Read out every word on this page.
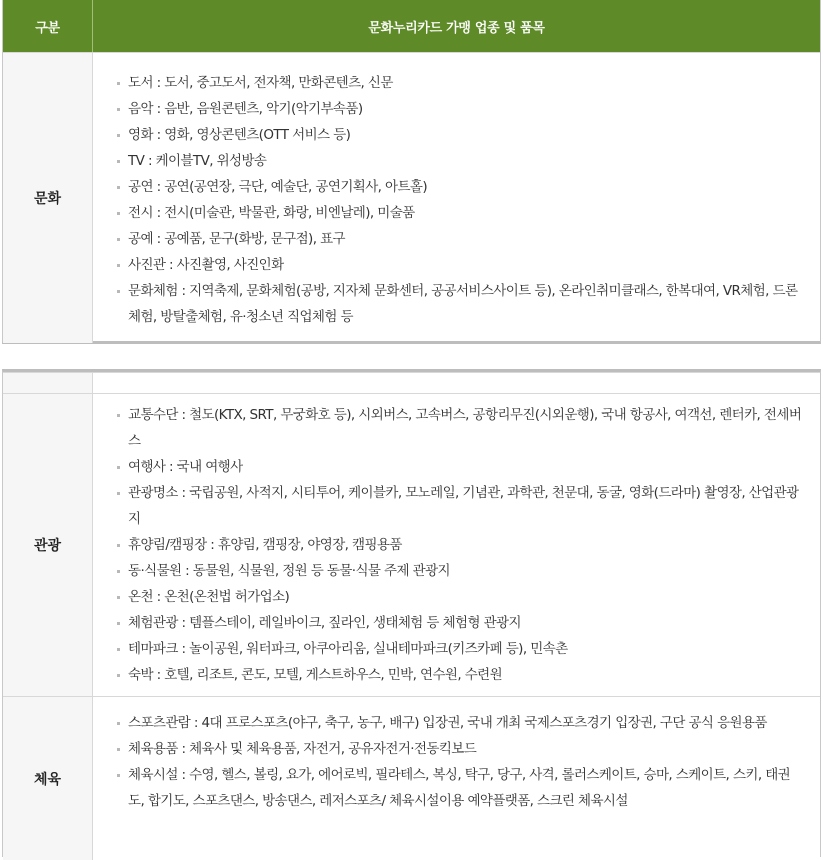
구분	문화누리카드 가맹 업종 및 품목
문화
도서 : 도서, 중고도서, 전자책, 만화콘텐츠, 신문
음악 : 음반, 음원콘텐츠, 악기(악기부속품)
영화 : 영화, 영상콘텐츠(OTT 서비스 등)
TV : 케이블TV, 위성방송
공연 : 공연(공연장, 극단, 예술단, 공연기획사, 아트홀)
전시 : 전시(미술관, 박물관, 화랑, 비엔날레), 미술품
공예 : 공예품, 문구(화방, 문구점), 표구
사진관 : 사진촬영, 사진인화
문화체험 : 지역축제, 문화체험(공방, 지자체 문화센터, 공공서비스사이트 등), 온라인취미클래스, 한복대여, VR체험, 드론체험, 방탈출체험, 유·청소년 직업체험 등
관광
교통수단 : 철도(KTX, SRT, 무궁화호 등), 시외버스, 고속버스, 공항리무진(시외운행), 국내 항공사, 여객선, 렌터카, 전세버스
여행사 : 국내 여행사
관광명소 : 국립공원, 사적지, 시티투어, 케이블카, 모노레일, 기념관, 과학관, 천문대, 동굴, 영화(드라마) 촬영장, 산업관광지
휴양림/캠핑장 : 휴양림, 캠핑장, 야영장, 캠핑용품
동·식물원 : 동물원, 식물원, 정원 등 동물·식물 주제 관광지
온천 : 온천(온천법 허가업소)
체험관광 : 템플스테이, 레일바이크, 짚라인, 생태체험 등 체험형 관광지
테마파크 : 놀이공원, 워터파크, 아쿠아리움, 실내테마파크(키즈카페 등), 민속촌
숙박 : 호텔, 리조트, 콘도, 모텔, 게스트하우스, 민박, 연수원, 수련원
체육
스포츠관람 : 4대 프로스포츠(야구, 축구, 농구, 배구) 입장권, 국내 개최 국제스포츠경기 입장권, 구단 공식 응원용품
체육용품 : 체육사 및 체육용품, 자전거, 공유자전거·전동킥보드
체육시설 : 수영, 헬스, 볼링, 요가, 에어로빅, 필라테스, 복싱, 탁구, 당구, 사격, 롤러스케이트, 승마, 스케이트, 스키, 태권도, 합기도, 스포츠댄스, 방송댄스, 레저스포츠/ 체육시설이용 예약플랫폼, 스크린 체육시설
